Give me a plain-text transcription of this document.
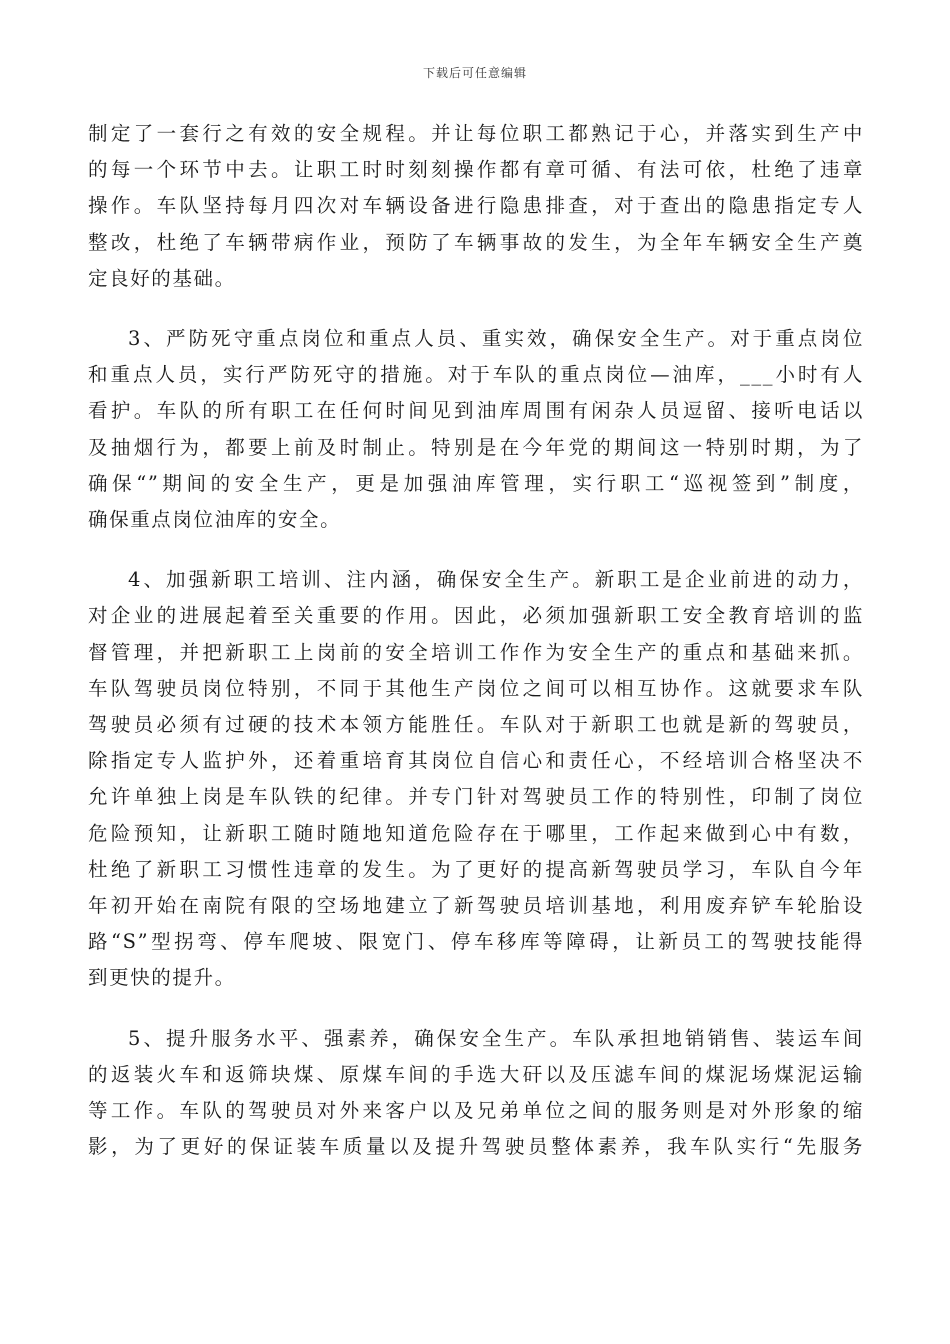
下载后可任意编辑
制定了一套行之有效的安全规程。并让每位职工都熟记于心，并落实到生产中
的每一个环节中去。让职工时时刻刻操作都有章可循、有法可依，杜绝了违章
操作。车队坚持每月四次对车辆设备进行隐患排查，对于查出的隐患指定专人
整改，杜绝了车辆带病作业，预防了车辆事故的发生，为全年车辆安全生产奠
定良好的基础。
3、严防死守重点岗位和重点人员、重实效，确保安全生产。对于重点岗位
和重点人员，实行严防死守的措施。对于车队的重点岗位—油库，___小时有人
看护。车队的所有职工在任何时间见到油库周围有闲杂人员逗留、接听电话以
及抽烟行为，都要上前及时制止。特别是在今年党的期间这一特别时期，为了
确保“”期间的安全生产，更是加强油库管理，实行职工“巡视签到”制度，
确保重点岗位油库的安全。
4、加强新职工培训、注内涵，确保安全生产。新职工是企业前进的动力，
对企业的进展起着至关重要的作用。因此，必须加强新职工安全教育培训的监
督管理，并把新职工上岗前的安全培训工作作为安全生产的重点和基础来抓。
车队驾驶员岗位特别，不同于其他生产岗位之间可以相互协作。这就要求车队
驾驶员必须有过硬的技术本领方能胜任。车队对于新职工也就是新的驾驶员，
除指定专人监护外，还着重培育其岗位自信心和责任心，不经培训合格坚决不
允许单独上岗是车队铁的纪律。并专门针对驾驶员工作的特别性，印制了岗位
危险预知，让新职工随时随地知道危险存在于哪里，工作起来做到心中有数，
杜绝了新职工习惯性违章的发生。为了更好的提高新驾驶员学习，车队自今年
年初开始在南院有限的空场地建立了新驾驶员培训基地，利用废弃铲车轮胎设
路“S”型拐弯、停车爬坡、限宽门、停车移库等障碍，让新员工的驾驶技能得
到更快的提升。
5、提升服务水平、强素养，确保安全生产。车队承担地销销售、装运车间
的返装火车和返筛块煤、原煤车间的手选大矸以及压滤车间的煤泥场煤泥运输
等工作。车队的驾驶员对外来客户以及兄弟单位之间的服务则是对外形象的缩
影，为了更好的保证装车质量以及提升驾驶员整体素养，我车队实行“先服务
